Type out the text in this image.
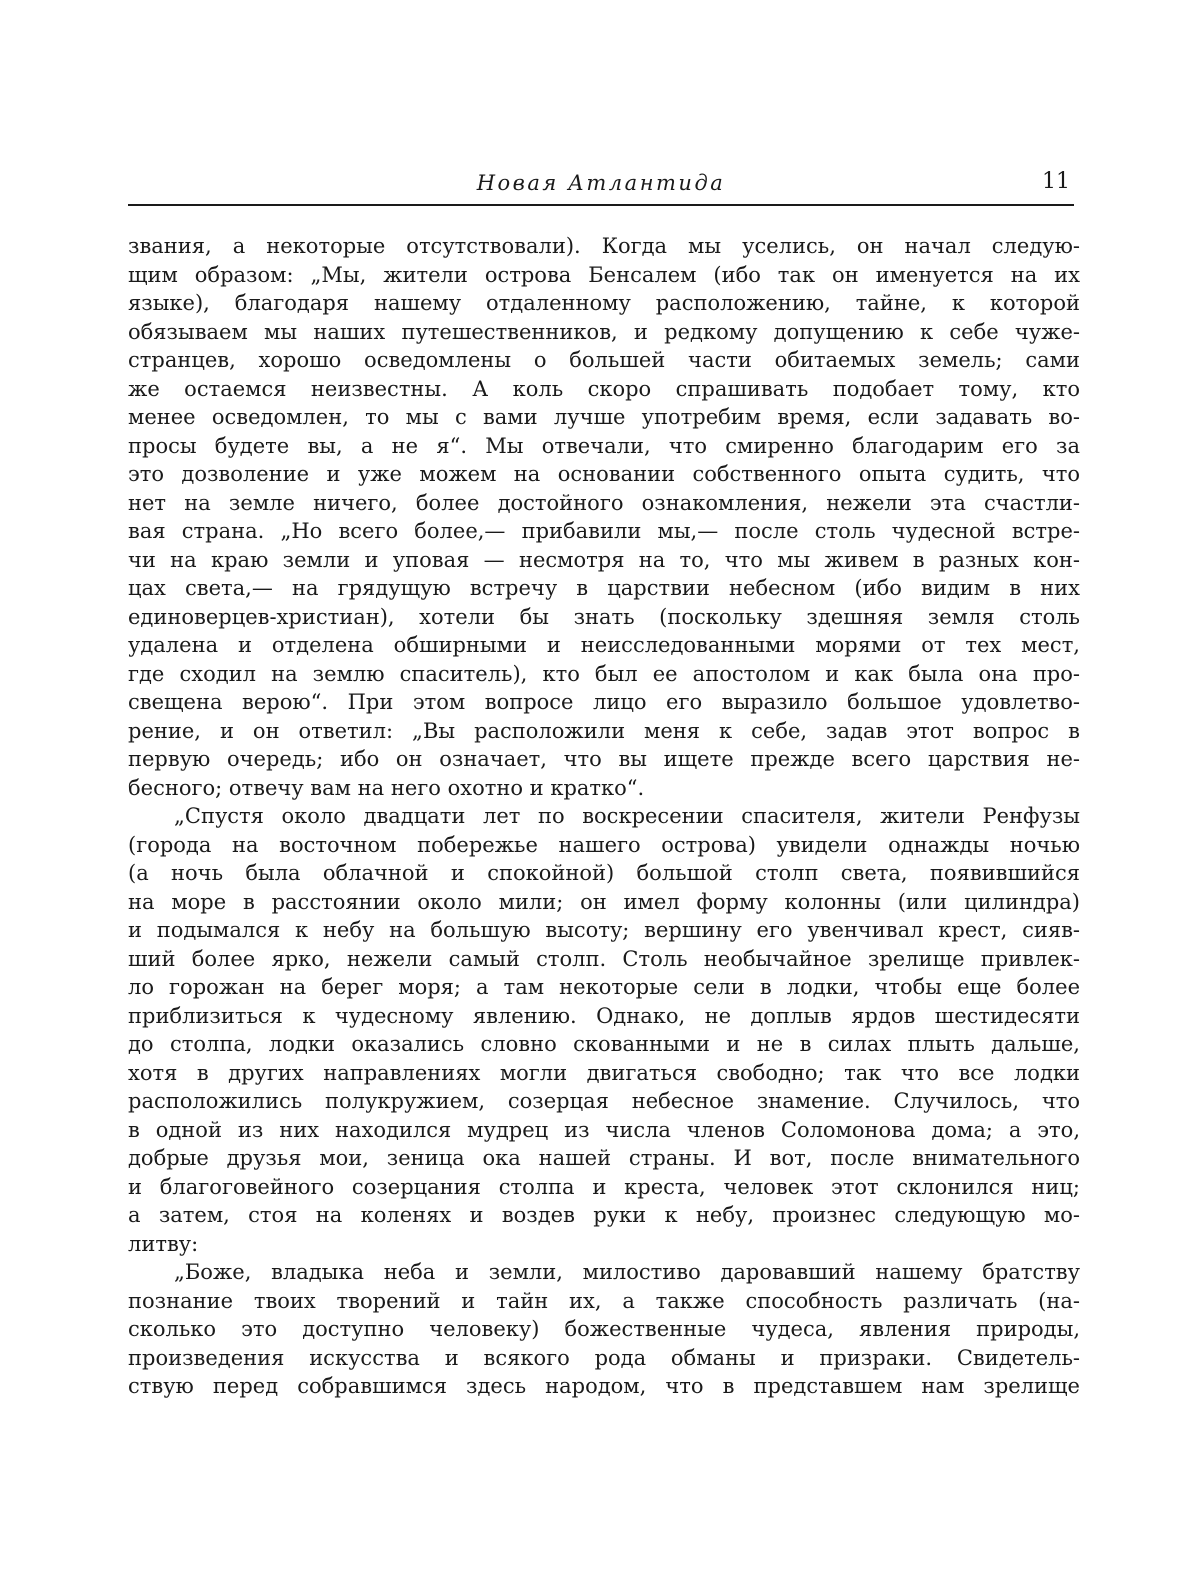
Новая Атлантида	11
звания, а некоторые отсутствовали). Когда мы уселись, он начал следую-
щим образом: „Мы, жители острова Бенсалем (ибо так он именуется на их
языке), благодаря нашему отдаленному расположению, тайне, к которой
обязываем мы наших путешественников, и редкому допущению к себе чуже-
странцев, хорошо осведомлены о большей части обитаемых земель; сами
же остаемся неизвестны. А коль скоро спрашивать подобает тому, кто
менее осведомлен, то мы с вами лучше употребим время, если задавать во-
просы будете вы, а не я“. Мы отвечали, что смиренно благодарим его за
это дозволение и уже можем на основании собственного опыта судить, что
нет на земле ничего, более достойного ознакомления, нежели эта счастли-
вая страна. „Но всего более,— прибавили мы,— после столь чудесной встре-
чи на краю земли и уповая — несмотря на то, что мы живем в разных кон-
цах света,— на грядущую встречу в царствии небесном (ибо видим в них
единоверцев-христиан), хотели бы знать (поскольку здешняя земля столь
удалена и отделена обширными и неисследованными морями от тех мест,
где сходил на землю спаситель), кто был ее апостолом и как была она про-
свещена верою“. При этом вопросе лицо его выразило большое удовлетво-
рение, и он ответил: „Вы расположили меня к себе, задав этот вопрос в
первую очередь; ибо он означает, что вы ищете прежде всего царствия не-
бесного; отвечу вам на него охотно и кратко“.
„Спустя около двадцати лет по воскресении спасителя, жители Ренфузы
(города на восточном побережье нашего острова) увидели однажды ночью
(а ночь была облачной и спокойной) большой столп света, появившийся
на море в расстоянии около мили; он имел форму колонны (или цилиндра)
и подымался к небу на большую высоту; вершину его увенчивал крест, сияв-
ший более ярко, нежели самый столп. Столь необычайное зрелище привлек-
ло горожан на берег моря; а там некоторые сели в лодки, чтобы еще более
приблизиться к чудесному явлению. Однако, не доплыв ярдов шестидесяти
до столпа, лодки оказались словно скованными и не в силах плыть дальше,
хотя в других направлениях могли двигаться свободно; так что все лодки
расположились полукружием, созерцая небесное знамение. Случилось, что
в одной из них находился мудрец из числа членов Соломонова дома; а это,
добрые друзья мои, зеница ока нашей страны. И вот, после внимательного
и благоговейного созерцания столпа и креста, человек этот склонился ниц;
а затем, стоя на коленях и воздев руки к небу, произнес следующую мо-
литву:
„Боже, владыка неба и земли, милостиво даровавший нашему братству
познание твоих творений и тайн их, а также способность различать (на-
сколько это доступно человеку) божественные чудеса, явления природы,
произведения искусства и всякого рода обманы и призраки. Свидетель-
ствую перед собравшимся здесь народом, что в представшем нам зрелище
